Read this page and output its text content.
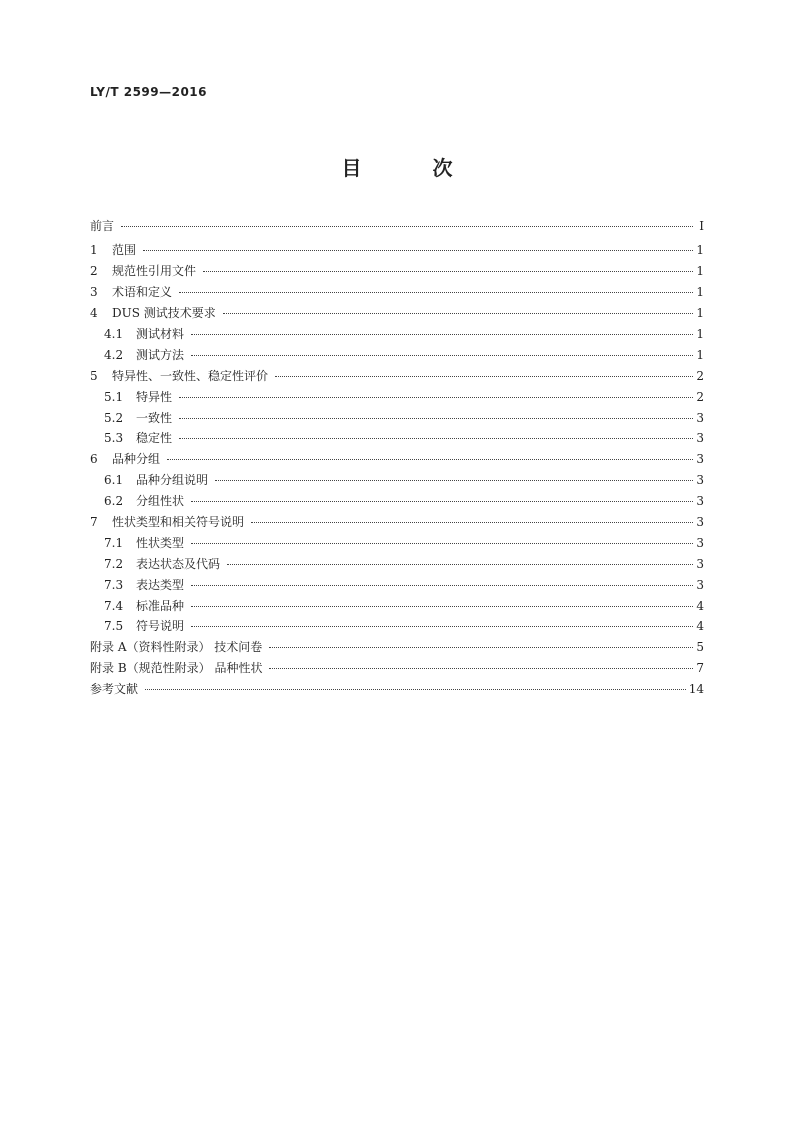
LY/T 2599—2016
目 次
前言	I
1	范围	1
2	规范性引用文件	1
3	术语和定义	1
4	DUS 测试技术要求	1
4.1	测试材料	1
4.2	测试方法	1
5	特异性、一致性、稳定性评价	2
5.1	特异性	2
5.2	一致性	3
5.3	稳定性	3
6	品种分组	3
6.1	品种分组说明	3
6.2	分组性状	3
7	性状类型和相关符号说明	3
7.1	性状类型	3
7.2	表达状态及代码	3
7.3	表达类型	3
7.4	标准品种	4
7.5	符号说明	4
附录 A（资料性附录） 技术问卷	5
附录 B（规范性附录） 品种性状	7
参考文献	14
